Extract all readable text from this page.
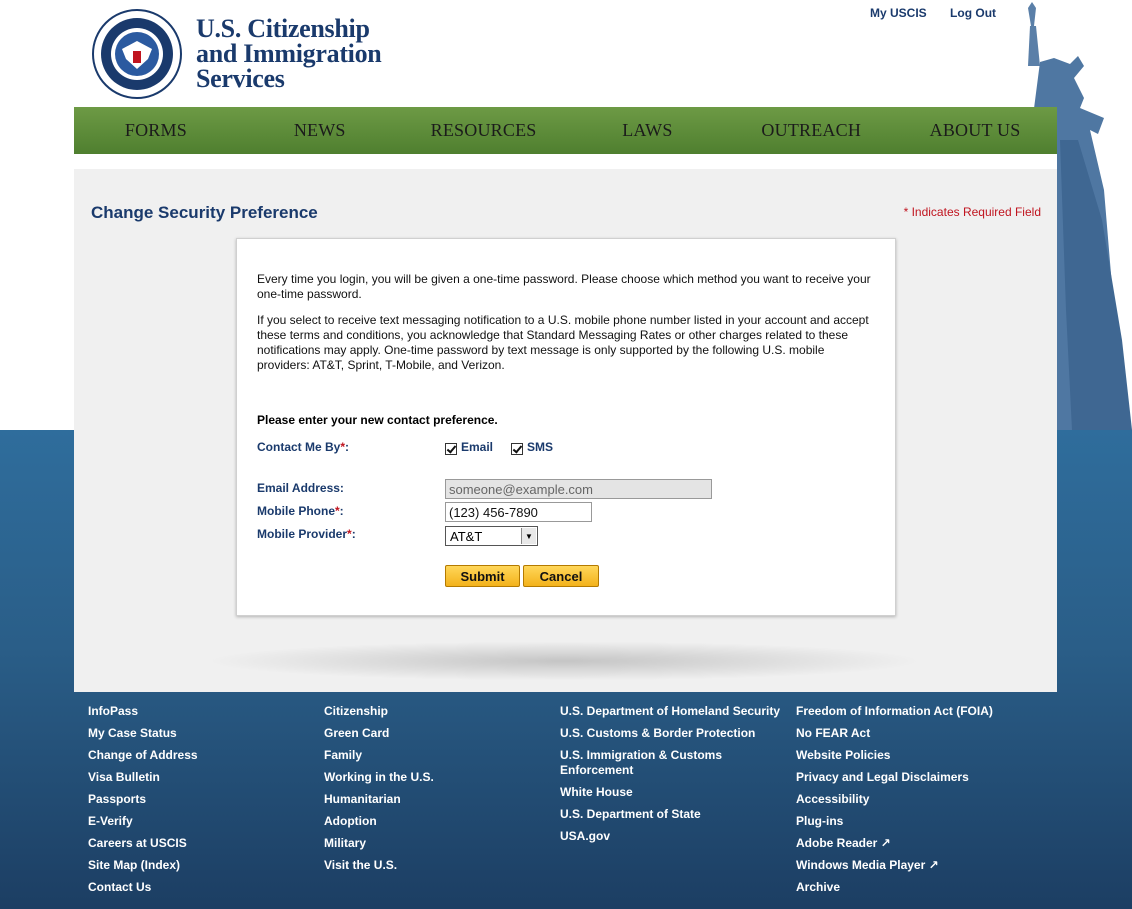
U.S. Citizenship
and Immigration
Services
My USCIS Log Out
FORMS	NEWS	RESOURCES	LAWS	OUTREACH	ABOUT US
Change Security Preference	* Indicates Required Field

Every time you login, you will be given a one-time password. Please choose which method you want to receive your one-time password.

If you select to receive text messaging notification to a U.S. mobile phone number listed in your account and accept these terms and conditions, you acknowledge that Standard Messaging Rates or other charges related to these notifications may apply. One-time password by text message is only supported by the following U.S. mobile providers: AT&T, Sprint, T-Mobile, and Verizon.

Please enter your new contact preference.
Contact Me By*:	Email	SMS
Email Address:
someone@example.com
Mobile Phone*:
(123) 456-7890
Mobile Provider*:	AT&T	▼
Submit	Cancel
InfoPass
My Case Status
Change of Address
Visa Bulletin
Passports
E-Verify
Careers at USCIS
Site Map (Index)
Contact Us
Citizenship
Green Card
Family
Working in the U.S.
Humanitarian
Adoption
Military
Visit the U.S.
U.S. Department of Homeland Security
U.S. Customs & Border Protection
U.S. Immigration & Customs Enforcement
White House
U.S. Department of State
USA.gov
Freedom of Information Act (FOIA)
No FEAR Act
Website Policies
Privacy and Legal Disclaimers
Accessibility
Plug-ins
Adobe Reader ↗
Windows Media Player ↗
Archive
